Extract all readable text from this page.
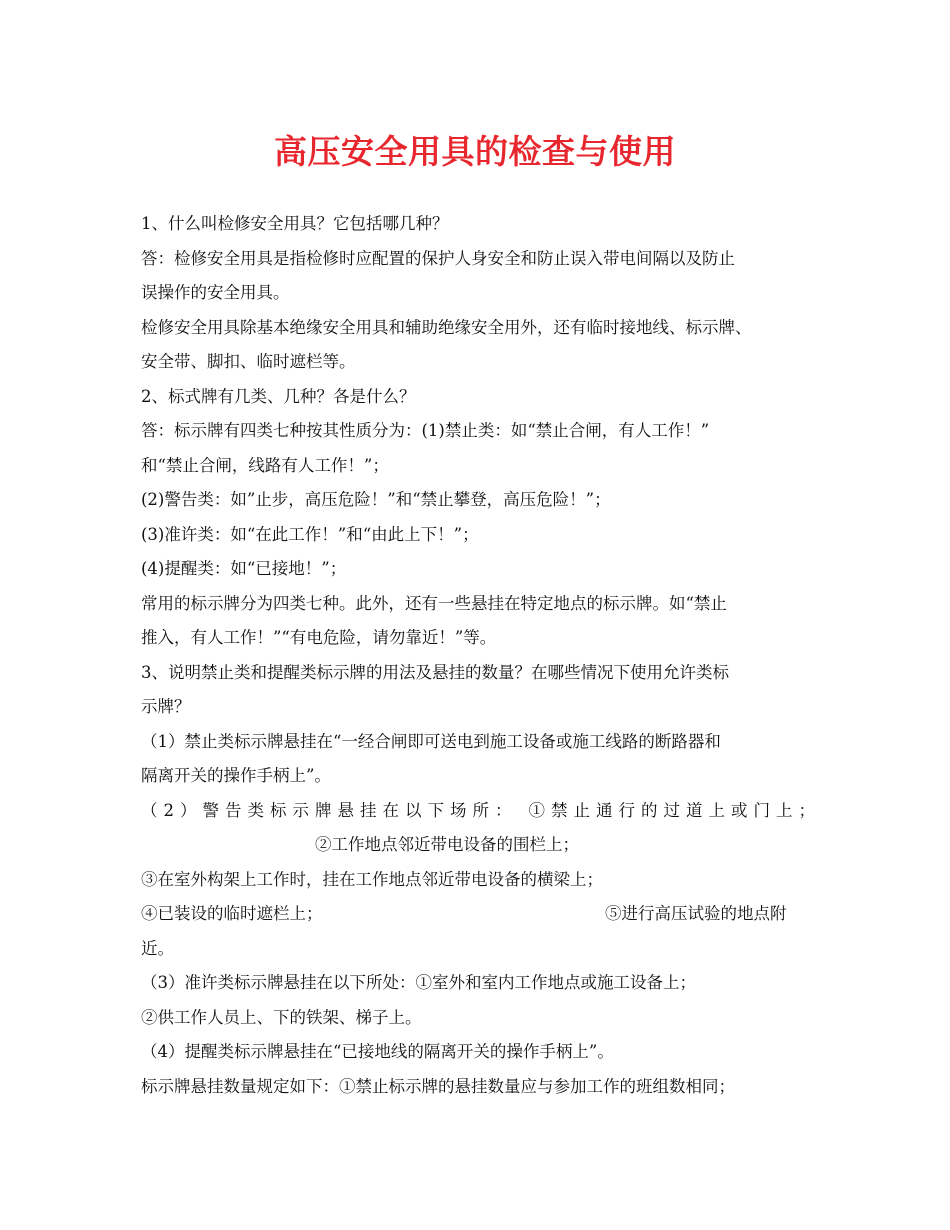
高压安全用具的检查与使用
1、什么叫检修安全用具？它包括哪几种？
答：检修安全用具是指检修时应配置的保护人身安全和防止误入带电间隔以及防止
误操作的安全用具。
检修安全用具除基本绝缘安全用具和辅助绝缘安全用外，还有临时接地线、标示牌、
安全带、脚扣、临时遮栏等。
2、标式牌有几类、几种？各是什么？
答：标示牌有四类七种按其性质分为：(1)禁止类：如“禁止合闸，有人工作！”
和“禁止合闸，线路有人工作！”；
(2)警告类：如”止步，高压危险！”和“禁止攀登，高压危险！”；
(3)准许类：如“在此工作！”和“由此上下！”；
(4)提醒类：如“已接地！”；
常用的标示牌分为四类七种。此外，还有一些悬挂在特定地点的标示牌。如“禁止
推入，有人工作！”“有电危险，请勿靠近！”等。
3、说明禁止类和提醒类标示牌的用法及悬挂的数量？在哪些情况下使用允许类标
示牌？
（1）禁止类标示牌悬挂在“一经合闸即可送电到施工设备或施工线路的断路器和
隔离开关的操作手柄上”。
（2）警告类标示牌悬挂在以下场所： ①禁止通行的过道上或门上；
②工作地点邻近带电设备的围栏上；
③在室外构架上工作时，挂在工作地点邻近带电设备的横梁上；
④已装设的临时遮栏上；	⑤进行高压试验的地点附
近。
（3）准许类标示牌悬挂在以下所处：①室外和室内工作地点或施工设备上；
②供工作人员上、下的铁架、梯子上。
（4）提醒类标示牌悬挂在“已接地线的隔离开关的操作手柄上”。
标示牌悬挂数量规定如下：①禁止标示牌的悬挂数量应与参加工作的班组数相同；
